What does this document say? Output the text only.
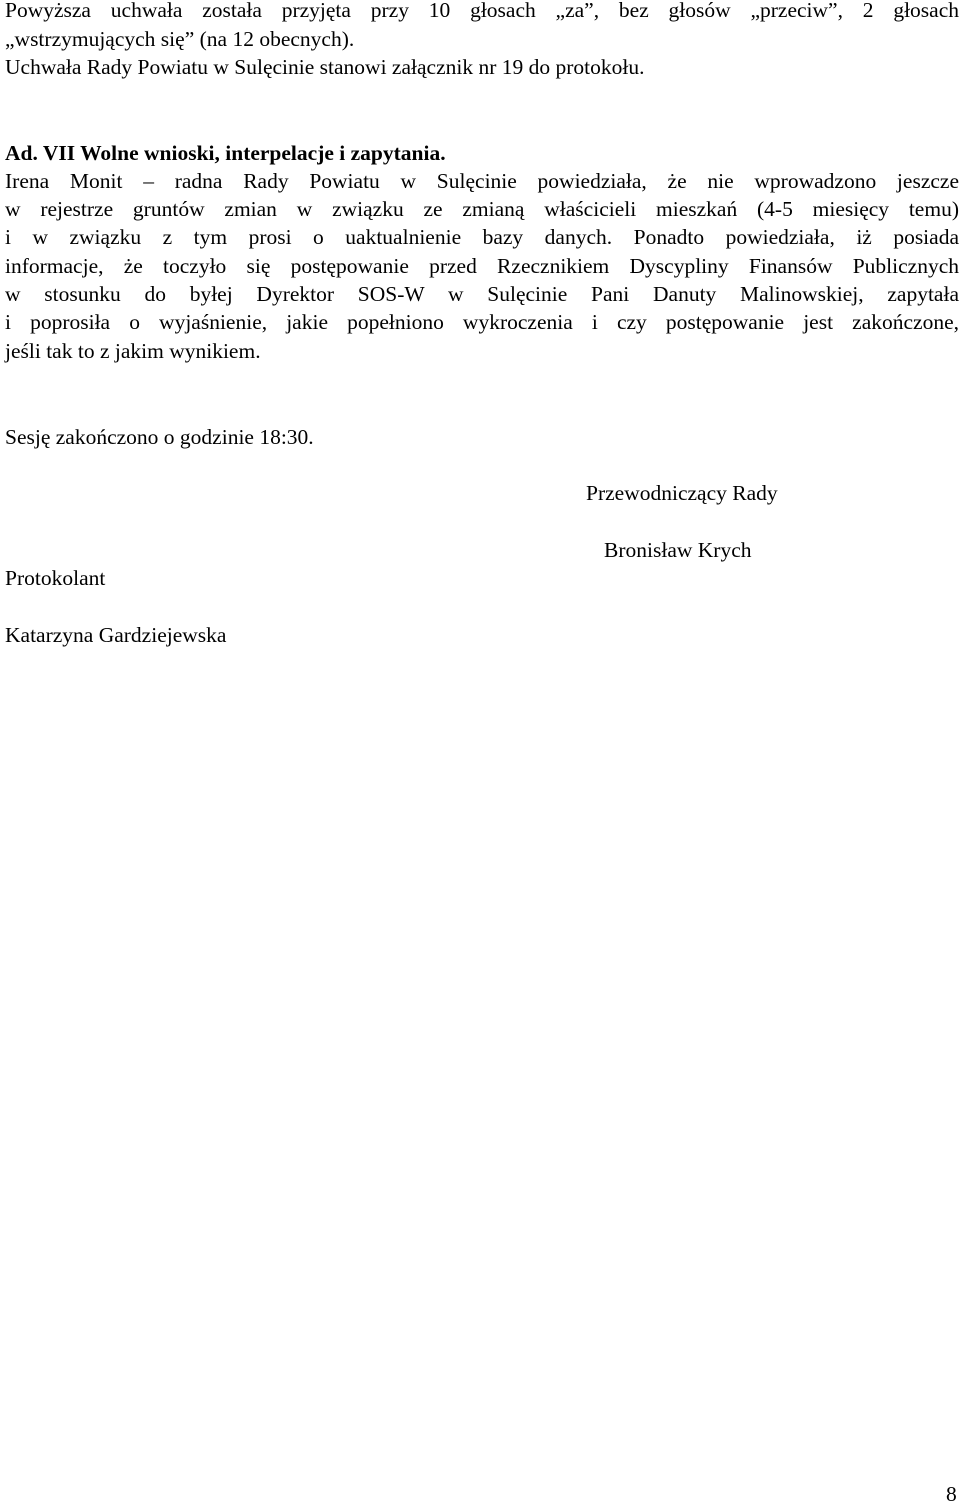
Powyższa uchwała została przyjęta przy 10 głosach „za”, bez głosów „przeciw”, 2 głosach
„wstrzymujących się” (na 12 obecnych).
Uchwała Rady Powiatu w Sulęcinie stanowi załącznik nr 19 do protokołu.
Ad. VII Wolne wnioski, interpelacje i zapytania.
Irena Monit – radna Rady Powiatu w Sulęcinie powiedziała, że nie wprowadzono jeszcze
w rejestrze gruntów zmian w związku ze zmianą właścicieli mieszkań (4-5 miesięcy temu)
i w związku z tym prosi o uaktualnienie bazy danych. Ponadto powiedziała, iż posiada
informacje, że toczyło się postępowanie przed Rzecznikiem Dyscypliny Finansów Publicznych
w stosunku do byłej Dyrektor SOS-W w Sulęcinie Pani Danuty Malinowskiej, zapytała
i poprosiła o wyjaśnienie, jakie popełniono wykroczenia i czy postępowanie jest zakończone,
jeśli tak to z jakim wynikiem.
Sesję zakończono o godzinie 18:30.
Przewodniczący Rady
Bronisław Krych
Protokolant
Katarzyna Gardziejewska
8
